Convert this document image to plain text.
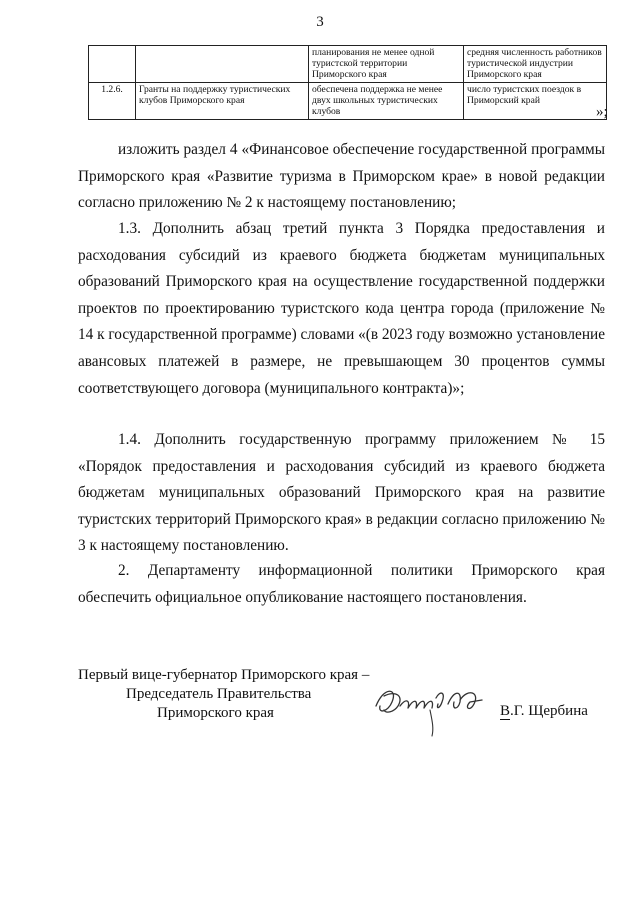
3
		планирования не менее одной туристской территории Приморского края	средняя численность работников туристической индустрии Приморского края
1.2.6.	Гранты на поддержку туристических клубов Приморского края	обеспечена поддержка не менее двух школьных туристических клубов	число туристских поездок в Приморский край
»;

изложить раздел 4 «Финансовое обеспечение государственной программы Приморского края «Развитие туризма в Приморском крае» в новой редакции согласно приложению № 2 к настоящему постановлению;

1.3. Дополнить абзац третий пункта 3 Порядка предоставления и расходования субсидий из краевого бюджета бюджетам муниципальных образований Приморского края на осуществление государственной поддержки проектов по проектированию туристского кода центра города (приложение № 14 к государственной программе) словами «(в 2023 году возможно установление авансовых платежей в размере, не превышающем 30 процентов суммы соответствующего договора (муниципального контракта)»;

1.4. Дополнить государственную программу приложением № 15 «Порядок предоставления и расходования субсидий из краевого бюджета бюджетам муниципальных образований Приморского края на развитие туристских территорий Приморского края» в редакции согласно приложению № 3 к настоящему постановлению.

2. Департаменту информационной политики Приморского края обеспечить официальное опубликование настоящего постановления.

Первый вице-губернатор Приморского края –
Председатель Правительства
Приморского края	В.Г. Щербина
